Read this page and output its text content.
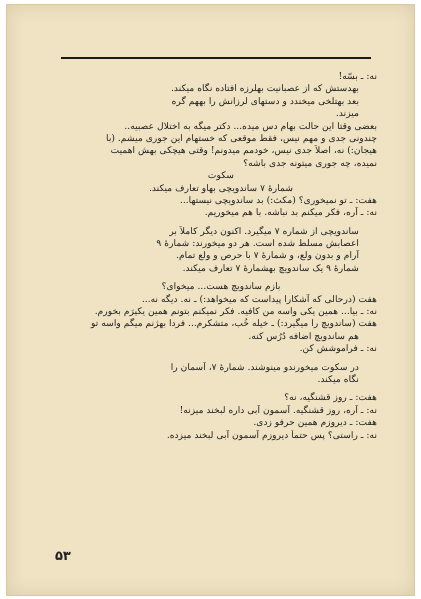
نه: ـ بسّه!
بهدستش که از عصبانیت بهلرزه افتاده نگاه میکند.
بعد بهتلخی میخندد و دستهای لرزانش را بههم گره
میزند.
بعضی وقتا این حالت بهام دس میده... دکتر میگه به اختلال عصبیه..
چندونی جدی و مهم نیس، فقط موقعی که خستهام این جوری میشم. (با
هیجان:) نه، اصلاً جدی نیس، خودمم میدونم! وقتی هیچکی بهش اهمیت
نمیده، چه جوری میتونه جدی باشه؟
سکوت
شمارهٔ ۷ ساندویچی بهاو تعارف میکند.
هفت: ـ تو نمیخوری؟ (مکث:) بد ساندویچی نیستها...
نه: ـ آره، فکر میکنم بد نباشه. با هم میخوریم.
ساندویچی از شماره ۷ میگیرد. اکنون دیگر کاملاً بر
اعصابش مسلط شده است. هر دو میخورند: شمارهٔ ۹
آرام و بدون ولع، و شمارهٔ ۷ با حرص و ولع تمام.
شمارهٔ ۹ یک ساندویچ بهشمارهٔ ۷ تعارف میکند.
بازم ساندویچ هست... میخوای؟
هفت (درحالی که آشکارا پیداست که میخواهد:) ـ نه. دیگه نه...
نه: ـ بیا... همین یکی واسه من کافیه. فکر نمیکنم بتونم همین یکیرَم بخورم.
هفت (ساندویچ را میگیرد:) ـ خیله خُب، متشکرم... فردا بهژنم میگم واسه تو
هم ساندویچ اضافه دُرُس کنه.
نه: ـ فراموشش کن.
در سکوت میخورندو مینوشند. شمارهٔ ۷، آسمان را
نگاه میکند.
هفت: ـ روز قشنگیه، نه؟
نه: ـ آره، روز قشنگیه. آسمون آبی داره لبخند میزنه!
هفت: ـ دیروزم همین حرفو زدی.
نه: ـ راستی؟ پس حتماً دیروزم آسمون آبی لبخند میزده.
۵۳
